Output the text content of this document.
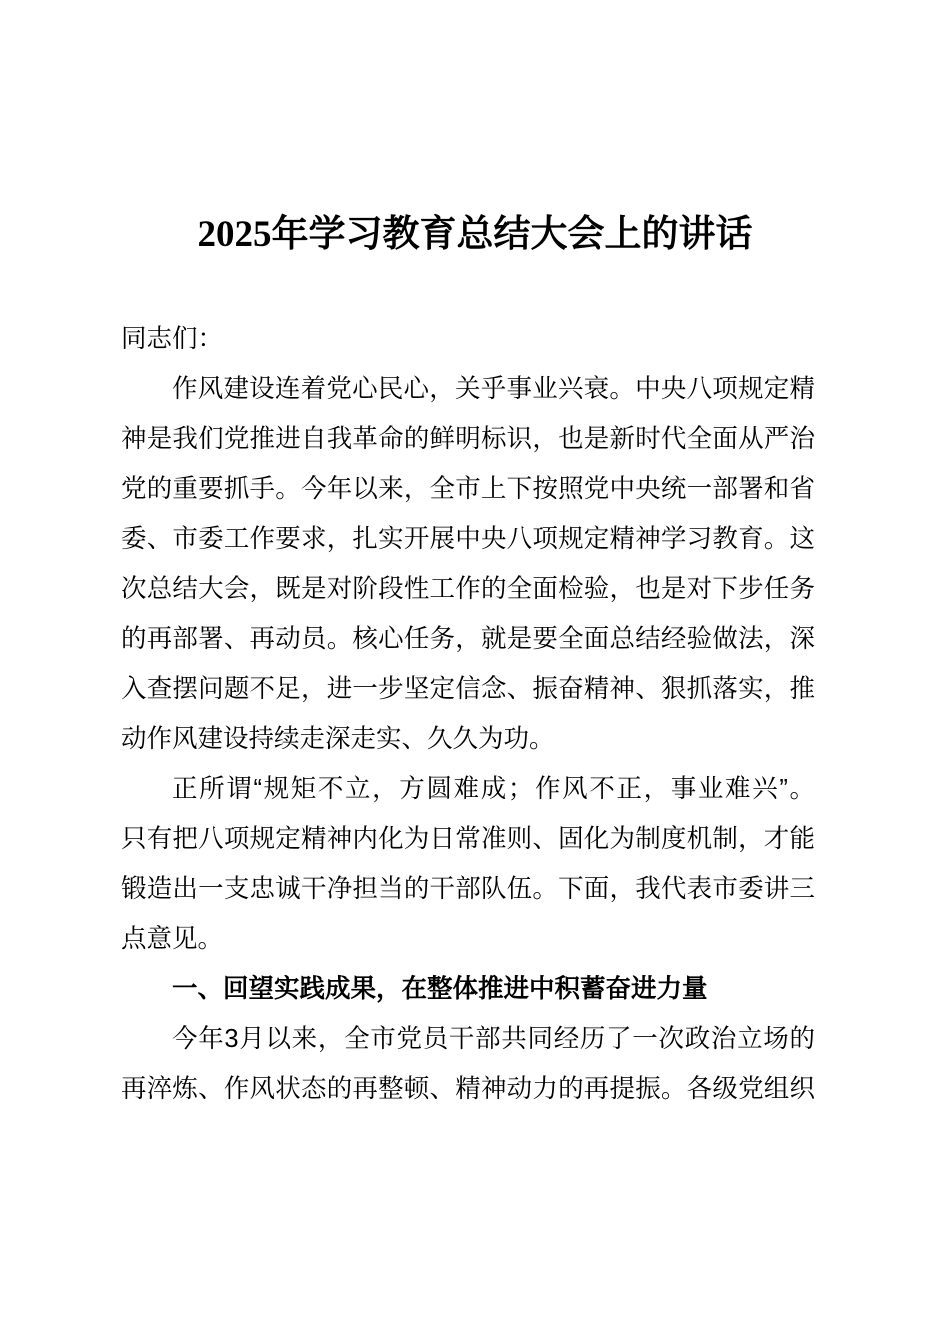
2025年学习教育总结大会上的讲话
同志们：
作风建设连着党心民心，关乎事业兴衰。中央八项规定精
神是我们党推进自我革命的鲜明标识，也是新时代全面从严治
党的重要抓手。今年以来，全市上下按照党中央统一部署和省
委、市委工作要求，扎实开展中央八项规定精神学习教育。这
次总结大会，既是对阶段性工作的全面检验，也是对下步任务
的再部署、再动员。核心任务，就是要全面总结经验做法，深
入查摆问题不足，进一步坚定信念、振奋精神、狠抓落实，推
动作风建设持续走深走实、久久为功。
正所谓“规矩不立，方圆难成；作风不正，事业难兴”。
只有把八项规定精神内化为日常准则、固化为制度机制，才能
锻造出一支忠诚干净担当的干部队伍。下面，我代表市委讲三
点意见。
一、回望实践成果，在整体推进中积蓄奋进力量
今年3月以来，全市党员干部共同经历了一次政治立场的
再淬炼、作风状态的再整顿、精神动力的再提振。各级党组织
